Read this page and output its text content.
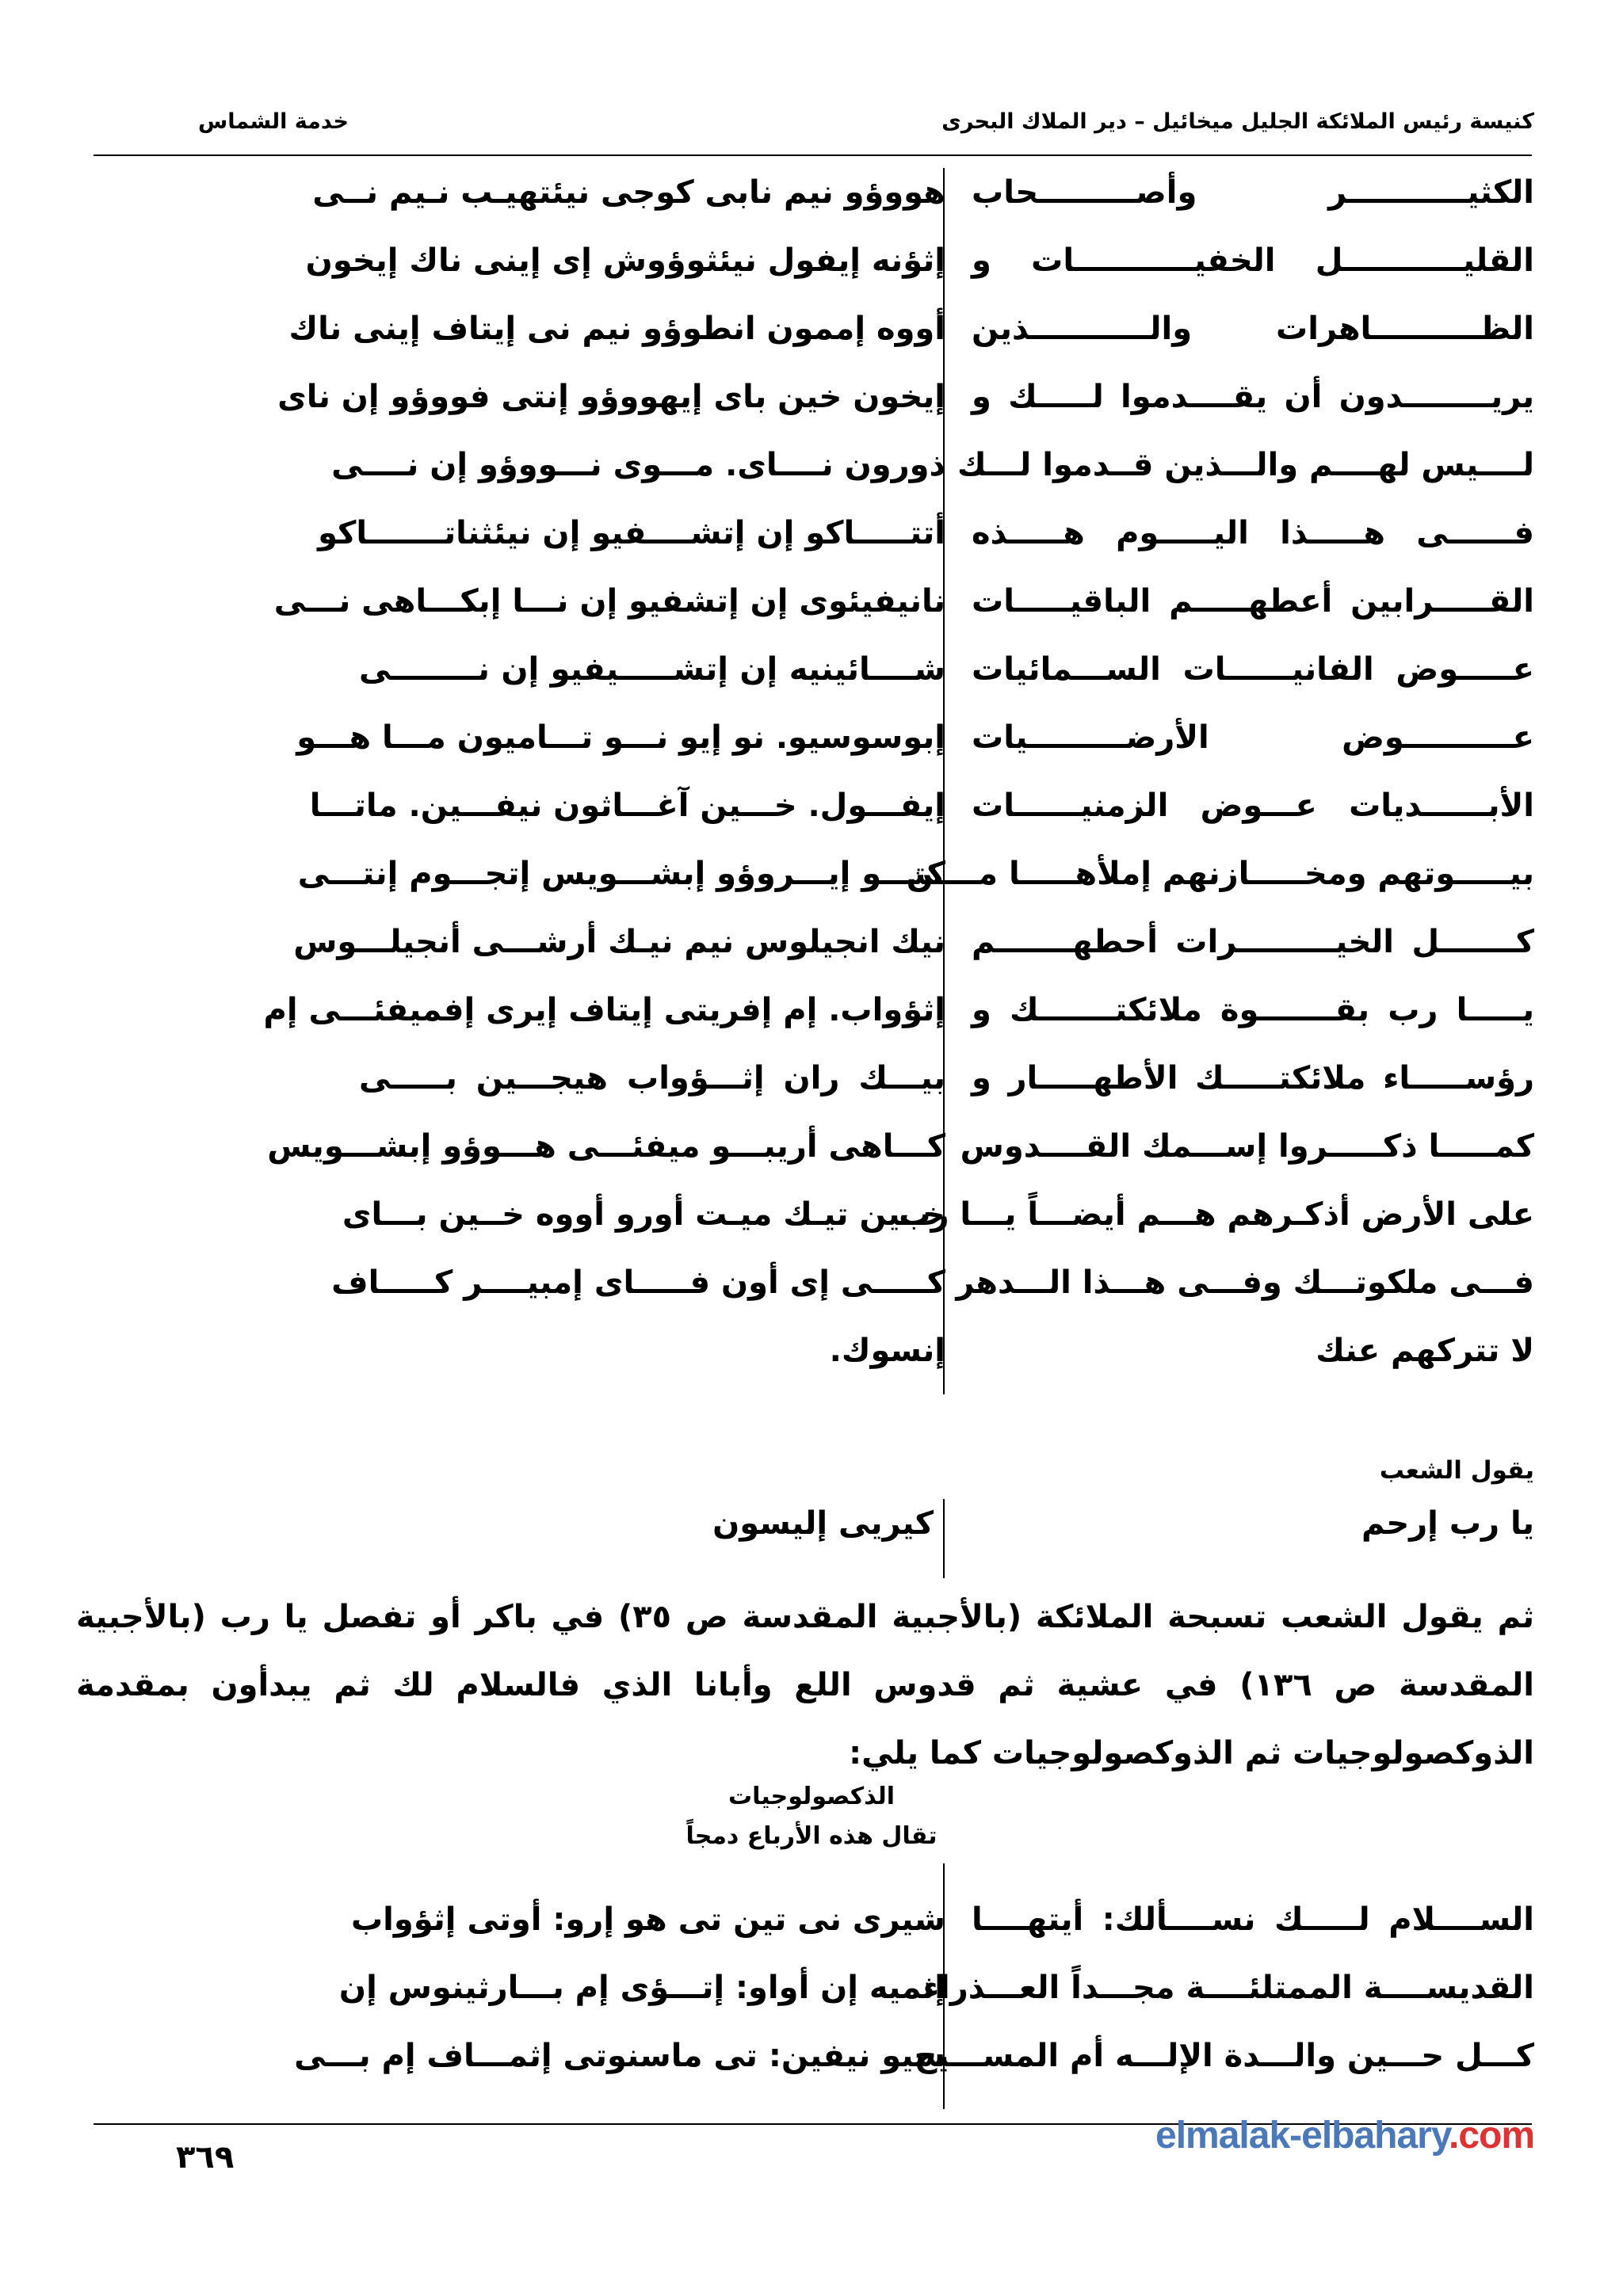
كنيسة رئيس الملائكة الجليل ميخائيل – دير الملاك البحرى
خدمة الشماس
الكثيـــــــــــر وأصـــــــــحاب
هووؤو نيم نابى كوجى نيئتهيـب نـيم نــى
القليـــــــــــل الخفيـــــــــــات و
إثؤنه إيفول نيئثوؤوش إى إينى ناك إيخون
الظــــــــــاهرات والـــــــــــذين
أووه إممون انطوؤو نيم نى إيتاف إينى ناك
يريــــــــدون أن يقــــدموا لـــــك و
إيخون خين باى إيهووؤو إنتى فووؤو إن ناى
لــــيس لهــــم والـــذين قــدموا لـــك
ذورون نــــاى. مـــوى نـــووؤو إن نــــى
فــــــى هـــــذا اليـــــوم هـــــذه
أتتـــــاكو إن إتشــــفيو إن نيئثناتـــــــاكو
القـــــرابين أعطهـــــم الباقيـــــات
نانيفيئوى إن إتشفيو إن نـــا إبكـــاهى نـــى
عـــــوض الفانيــــــات الســـمائيات
شــــائينيه إن إتشـــــيفيو إن نــــــــى
عــــــــــوض الأرضـــــــــيات
إبوسوسيو. نو إيو نـــو تـــاميون مـــا هـــو
الأبــــــديات عـــوض الزمنيــــــات
إيفـــول. خـــين آغـــاثون نيفـــين. ماتـــا
بيـــــوتهم ومخـــــازنهم إملأهـــــا مــــن
كتـــو إيـــروؤو إبشـــويس إتجـــوم إنتـــى
كـــــــل الخيـــــــــرات أحطهـــــــم
نيك انجيلوس نيم نيـك أرشـــى أنجيلـــوس
يـــــا رب بقـــــــوة ملائكتـــــــك و
إثؤواب. إم إفريتى إيتاف إيرى إفميفئـــى إم
رؤســـــاء ملائكتـــــك الأطهـــــار و
بيـــك ران إثـــؤواب هيجـــين بـــــى
كمـــــا ذكـــــروا إســـمك القــــدوس
كـــاهى أريبـــو ميفئـــى هـــوؤو إبشـــويس
على الأرض أذكـرهم هـــم أيضـــاً يـــا رب
خــين تيـك ميـت أورو أووه خــين بـــاى
فـــى ملكوتـــك وفـــى هـــذا الـــدهر
كـــــى إى أون فـــــاى إمبيــــر كـــــاف
لا تتركهم عنك
إنسوك.
يقول الشعب
يا رب إرحم
كيريى إليسون
ثم يقول الشعب تسبحة الملائكة (بالأجبية المقدسة ص ٣٥) في باكر أو تفصل يا رب (بالأجبية المقدسة ص ١٣٦) في عشية ثم قدوس اللع وأبانا الذي فالسلام لك ثم يبدأون بمقدمة الذوكصولوجيات ثم الذوكصولوجيات كما يلي:
الذكصولوجيات
تقال هذه الأرباع دمجاً
الســــلام لـــــك نســــألك: أيتهــــا
شيرى نى تين تى هو إرو: أوتى إثؤواب
القديســــة الممتلئــــة مجـــداً العـــذراء
إثميه إن أواو: إتـــؤى إم بـــارثينوس إن
كـــل حـــين والـــدة الإلـــه أم المســـيح
سيو نيفين: تى ماسنوتى إثمـــاف إم بـــى
٣٦٩
elmalak-elbahary.com
